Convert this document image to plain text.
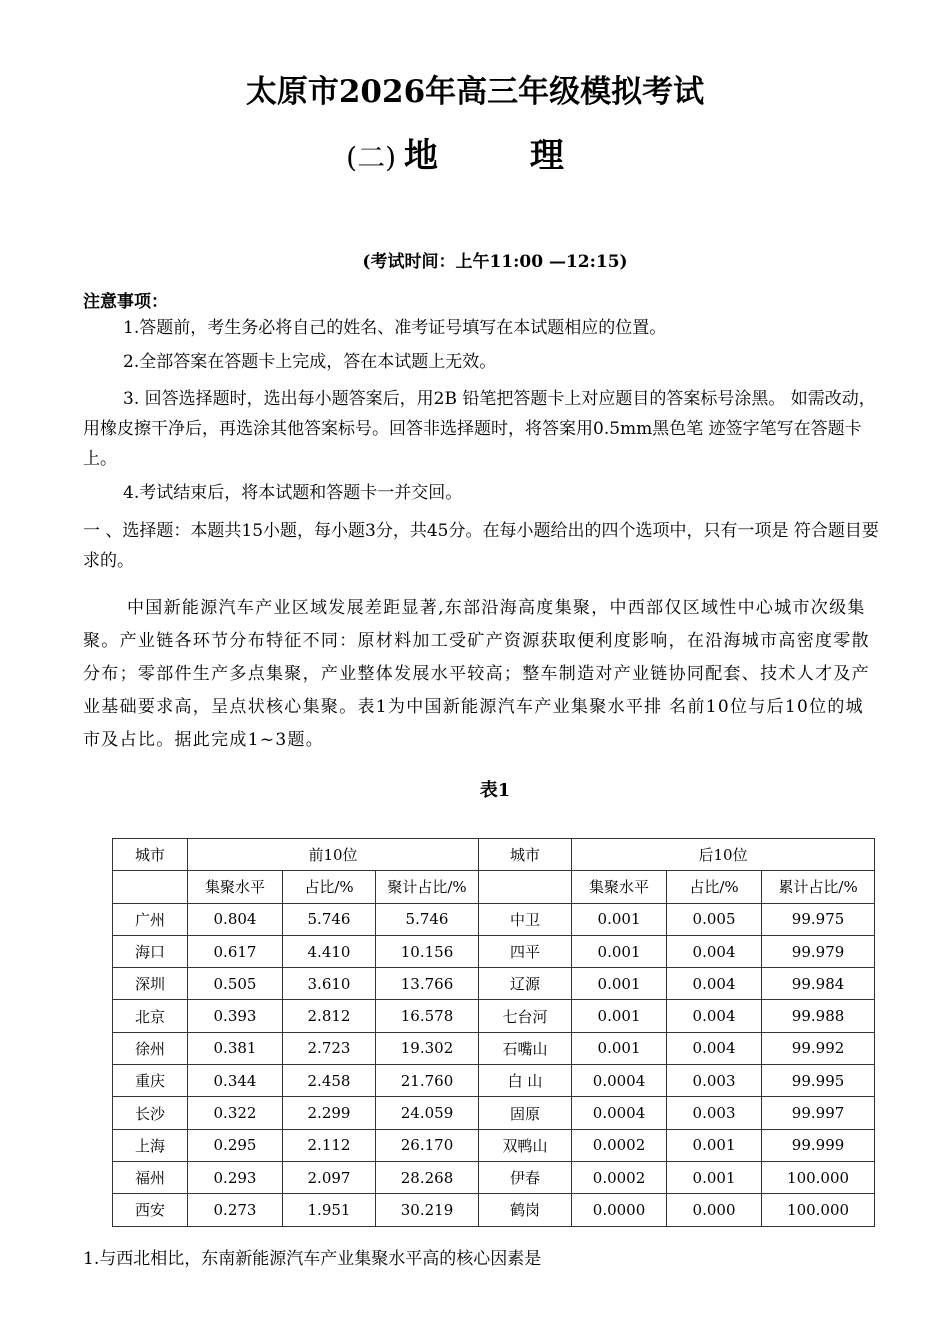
太原市2026年高三年级模拟考试
(二) 地 理
(考试时间：上午11:00 —12:15)
注意事项：
1.答题前，考生务必将自己的姓名、准考证号填写在本试题相应的位置。
2.全部答案在答题卡上完成，答在本试题上无效。
3. 回答选择题时，选出每小题答案后，用2B 铅笔把答题卡上对应题目的答案标号涂黑。 如需改动，用橡皮擦干净后，再选涂其他答案标号。回答非选择题时，将答案用0.5mm黑色笔 迹签字笔写在答题卡上。
4.考试结束后，将本试题和答题卡一并交回。
一 、选择题：本题共15小题，每小题3分，共45分。在每小题给出的四个选项中，只有一项是 符合题目要求的。
中国新能源汽车产业区域发展差距显著,东部沿海高度集聚，中西部仅区域性中心城市次级集聚。产业链各环节分布特征不同：原材料加工受矿产资源获取便利度影响，在沿海城市高密度零散分布；零部件生产多点集聚，产业整体发展水平较高；整车制造对产业链协同配套、技术人才及产业基础要求高，呈点状核心集聚。表1为中国新能源汽车产业集聚水平排 名前10位与后10位的城市及占比。据此完成1~3题。
表1
城市	前10位			城市	后10位		
	集聚水平	占比/%	聚计占比/%		集聚水平	占比/%	累计占比/%
广州	0.804	5.746	5.746	中卫	0.001	0.005	99.975
海口	0.617	4.410	10.156	四平	0.001	0.004	99.979
深圳	0.505	3.610	13.766	辽源	0.001	0.004	99.984
北京	0.393	2.812	16.578	七台河	0.001	0.004	99.988
徐州	0.381	2.723	19.302	石嘴山	0.001	0.004	99.992
重庆	0.344	2.458	21.760	白 山	0.0004	0.003	99.995
长沙	0.322	2.299	24.059	固原	0.0004	0.003	99.997
上海	0.295	2.112	26.170	双鸭山	0.0002	0.001	99.999
福州	0.293	2.097	28.268	伊春	0.0002	0.001	100.000
西安	0.273	1.951	30.219	鹤岗	0.0000	0.000	100.000
1.与西北相比，东南新能源汽车产业集聚水平高的核心因素是
